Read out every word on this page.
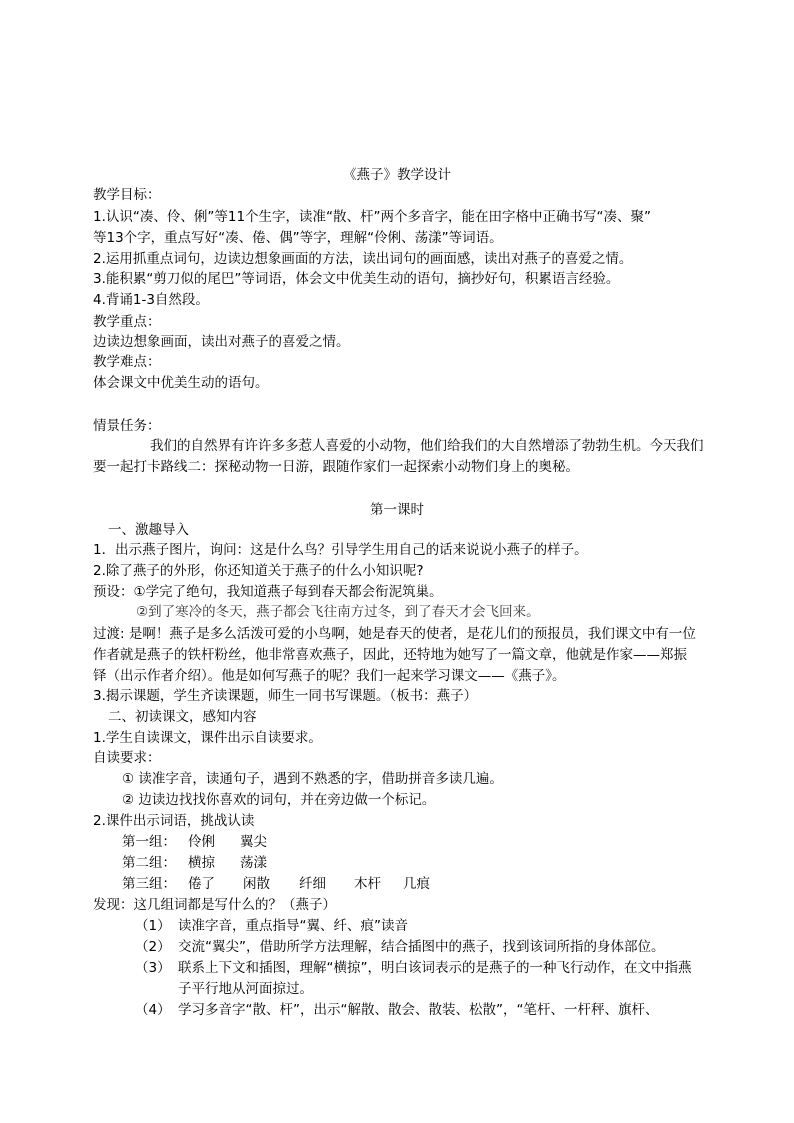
《燕子》教学设计
教学目标：
1.认识“凑、伶、俐”等11个生字，读准“散、杆”两个多音字，能在田字格中正确书写“凑、聚”
等13个字，重点写好“凑、倦、偶”等字，理解“伶俐、荡漾”等词语。
2.运用抓重点词句，边读边想象画面的方法，读出词句的画面感，读出对燕子的喜爱之情。
3.能积累“剪刀似的尾巴”等词语，体会文中优美生动的语句，摘抄好句，积累语言经验。
4.背诵1-3自然段。
教学重点：
边读边想象画面，读出对燕子的喜爱之情。
教学难点：
体会课文中优美生动的语句。
情景任务：
我们的自然界有许许多多惹人喜爱的小动物，他们给我们的大自然增添了勃勃生机。今天我们
要一起打卡路线二：探秘动物一日游，跟随作家们一起探索小动物们身上的奥秘。
第一课时
一、激趣导入
1．出示燕子图片，询问：这是什么鸟？引导学生用自己的话来说说小燕子的样子。
2.除了燕子的外形，你还知道关于燕子的什么小知识呢?
预设：①学完了绝句，我知道燕子每到春天都会衔泥筑巢。
②到了寒冷的冬天，燕子都会飞往南方过冬，到了春天才会飞回来。
过渡: 是啊！燕子是多么活泼可爱的小鸟啊，她是春天的使者，是花儿们的预报员，我们课文中有一位
作者就是燕子的铁杆粉丝，他非常喜欢燕子，因此，还特地为她写了一篇文章，他就是作家——郑振
铎（出示作者介绍）。他是如何写燕子的呢？我们一起来学习课文——《燕子》。
3.揭示课题，学生齐读课题，师生一同书写课题。（板书：燕子）
二、初读课文，感知内容
1.学生自读课文，课件出示自读要求。
自读要求：
① 读准字音，读通句子，遇到不熟悉的字，借助拼音多读几遍。
② 边读边找找你喜欢的词句，并在旁边做一个标记。
2.课件出示词语，挑战认读
第一组： 伶俐 翼尖
第二组： 横掠 荡漾
第三组： 倦了 闲散 纤细 木杆 几痕
发现：这几组词都是写什么的？（燕子）
（1） 读准字音，重点指导“翼、纤、痕”读音
（2） 交流“翼尖”，借助所学方法理解，结合插图中的燕子，找到该词所指的身体部位。
（3） 联系上下文和插图，理解“横掠”，明白该词表示的是燕子的一种飞行动作，在文中指燕
子平行地从河面掠过。
（4） 学习多音字“散、杆”，出示“解散、散会、散装、松散”，“笔杆、一杆秤、旗杆、
